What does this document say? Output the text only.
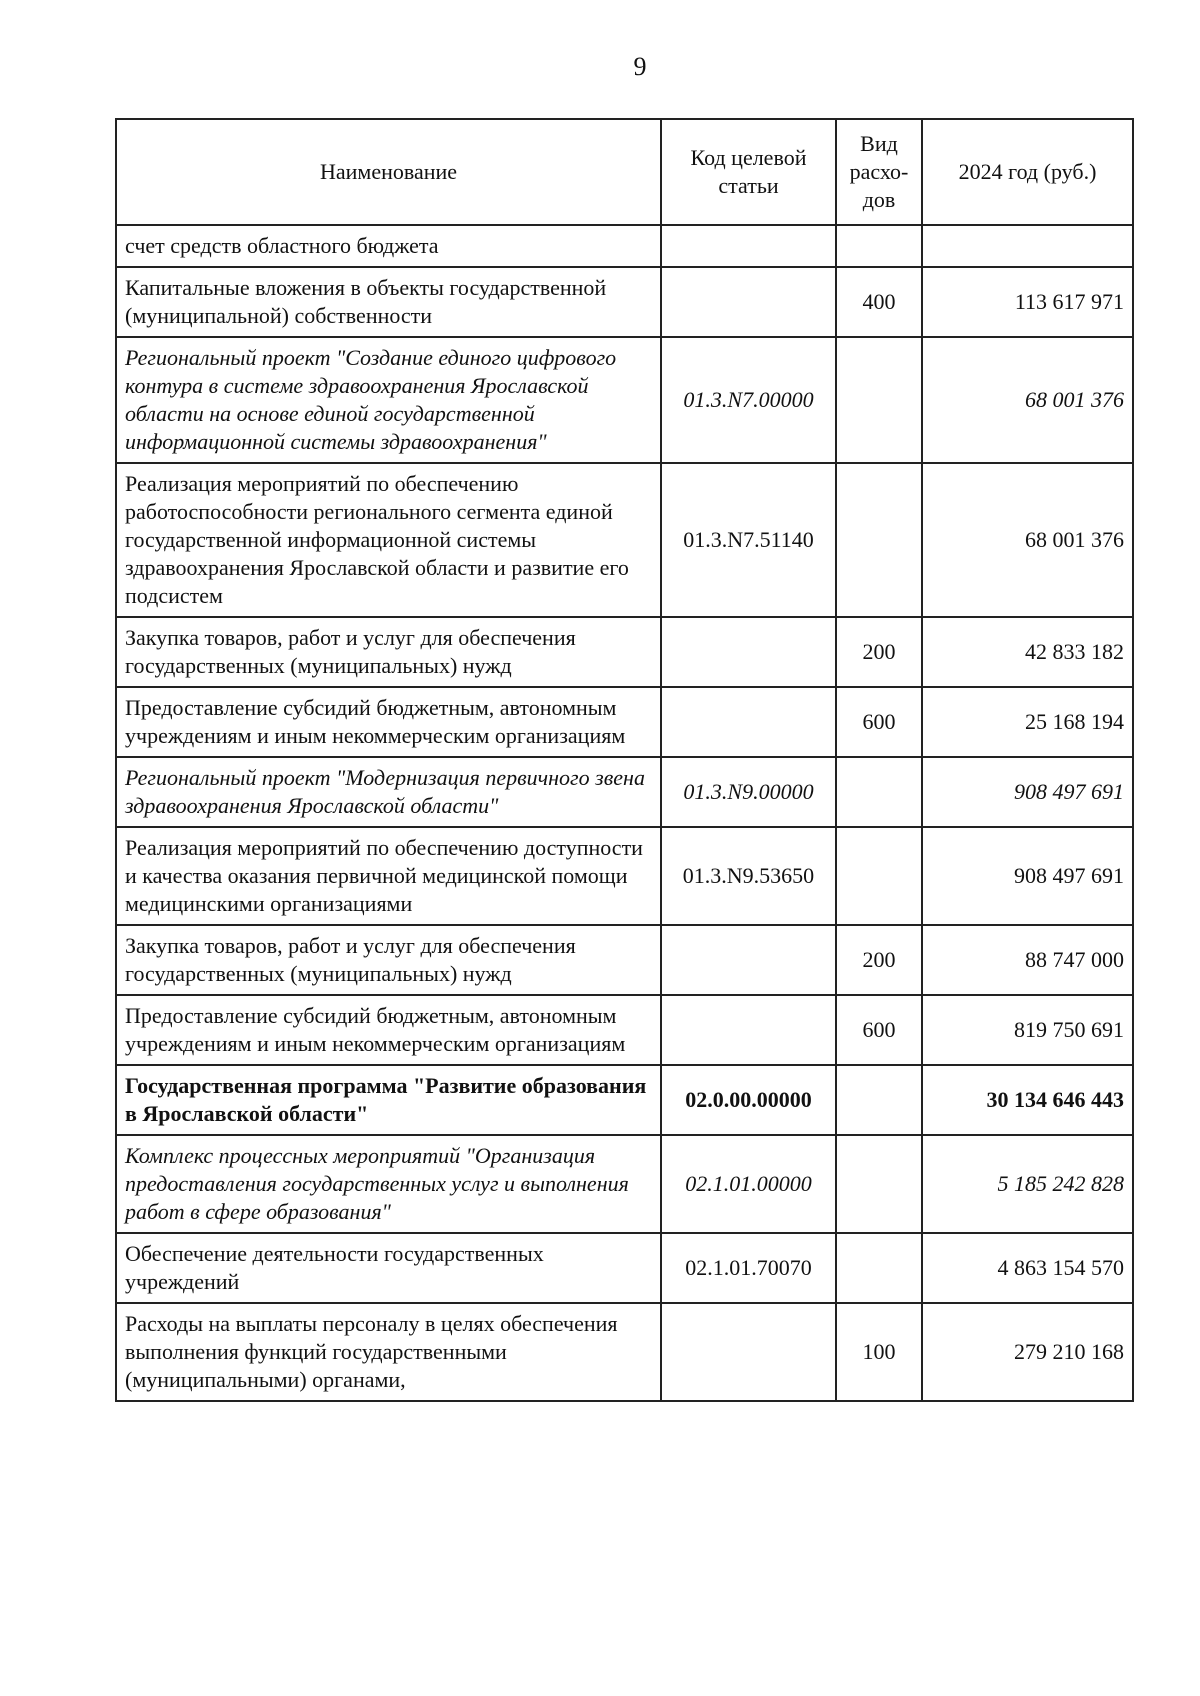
9
Наименование	Код целевой статьи	Вид расхо-дов	2024 год (руб.)
счет средств областного бюджета			
Капитальные вложения в объекты государственной (муниципальной) собственности		400	113 617 971
Региональный проект "Создание единого цифрового контура в системе здравоохранения Ярославской области на основе единой государственной информационной системы здравоохранения"	01.3.N7.00000		68 001 376
Реализация мероприятий по обеспечению работоспособности регионального сегмента единой государственной информационной системы здравоохранения Ярославской области и развитие его подсистем	01.3.N7.51140		68 001 376
Закупка товаров, работ и услуг для обеспечения государственных (муниципальных) нужд		200	42 833 182
Предоставление субсидий бюджетным, автономным учреждениям и иным некоммерческим организациям		600	25 168 194
Региональный проект "Модернизация первичного звена здравоохранения Ярославской области"	01.3.N9.00000		908 497 691
Реализация мероприятий по обеспечению доступности и качества оказания первичной медицинской помощи медицинскими организациями	01.3.N9.53650		908 497 691
Закупка товаров, работ и услуг для обеспечения государственных (муниципальных) нужд		200	88 747 000
Предоставление субсидий бюджетным, автономным учреждениям и иным некоммерческим организациям		600	819 750 691
Государственная программа "Развитие образования в Ярославской области"	02.0.00.00000		30 134 646 443
Комплекс процессных мероприятий "Организация предоставления государственных услуг и выполнения работ в сфере образования"	02.1.01.00000		5 185 242 828
Обеспечение деятельности государственных учреждений	02.1.01.70070		4 863 154 570
Расходы на выплаты персоналу в целях обеспечения выполнения функций государственными (муниципальными) органами,		100	279 210 168
